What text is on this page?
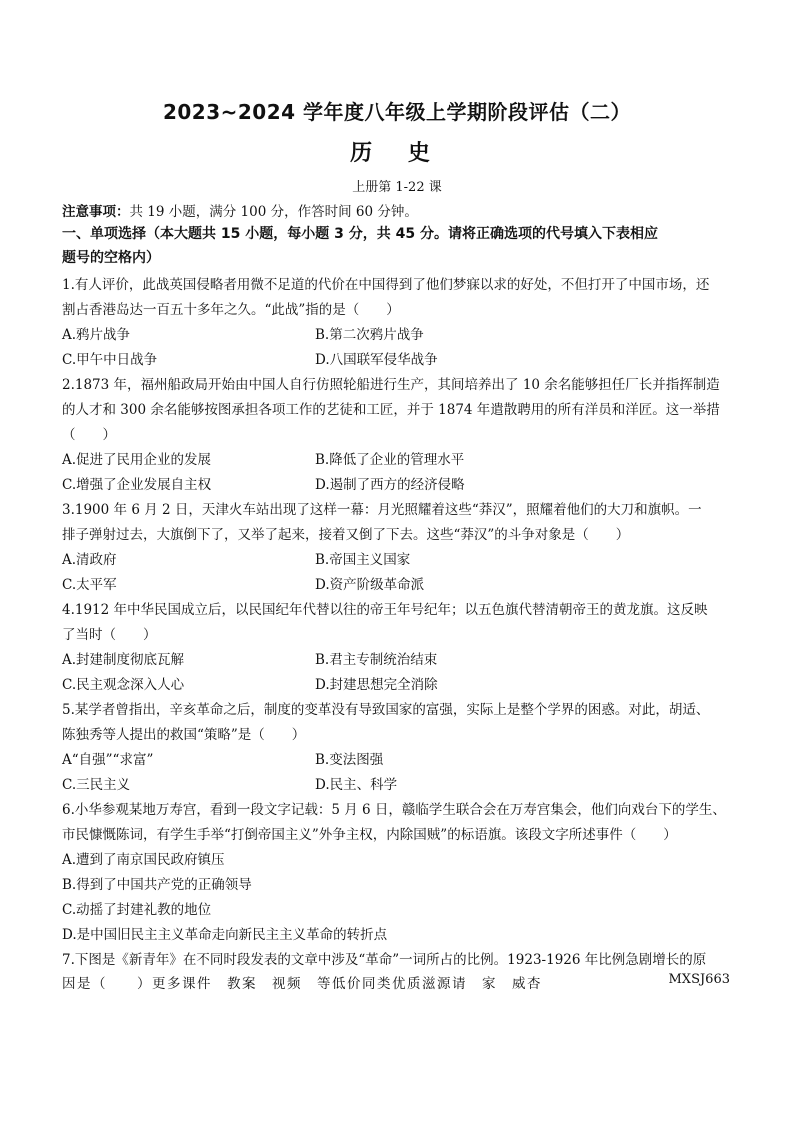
2023~2024 学年度八年级上学期阶段评估（二）
历 史
上册第 1-22 课
注意事项：共 19 小题，满分 100 分，作答时间 60 分钟。
一、单项选择（本大题共 15 小题，每小题 3 分，共 45 分。请将正确选项的代号填入下表相应
题号的空格内）
1.有人评价，此战英国侵略者用微不足道的代价在中国得到了他们梦寐以求的好处，不但打开了中国市场，还
割占香港岛达一百五十多年之久。“此战”指的是（　　）
A.鸦片战争	B.第二次鸦片战争
C.甲午中日战争	D.八国联军侵华战争
2.1873 年，福州船政局开始由中国人自行仿照轮船进行生产，其间培养出了 10 余名能够担任厂长并指挥制造
的人才和 300 余名能够按图承担各项工作的艺徒和工匠，并于 1874 年遣散聘用的所有洋员和洋匠。这一举措
（　　）
A.促进了民用企业的发展	B.降低了企业的管理水平
C.增强了企业发展自主权	D.遏制了西方的经济侵略
3.1900 年 6 月 2 日，天津火车站出现了这样一幕：月光照耀着这些“莽汉”，照耀着他们的大刀和旗帜。一
排子弹射过去，大旗倒下了，又举了起来，接着又倒了下去。这些“莽汉”的斗争对象是（　　）
A.清政府	B.帝国主义国家
C.太平军	D.资产阶级革命派
4.1912 年中华民国成立后，以民国纪年代替以往的帝王年号纪年；以五色旗代替清朝帝王的黄龙旗。这反映
了当时（　　）
A.封建制度彻底瓦解	B.君主专制统治结束
C.民主观念深入人心	D.封建思想完全消除
5.某学者曾指出，辛亥革命之后，制度的变革没有导致国家的富强，实际上是整个学界的困惑。对此，胡适、
陈独秀等人提出的救国“策略”是（　　）
A“自强”“求富”	B.变法图强
C.三民主义	D.民主、科学
6.小华参观某地万寿宫，看到一段文字记载：5 月 6 日，赣临学生联合会在万寿宫集会，他们向戏台下的学生、
市民慷慨陈词，有学生手举“打倒帝国主义”外争主权，内除国贼”的标语旗。该段文字所述事件（　　）
A.遭到了南京国民政府镇压
B.得到了中国共产党的正确领导
C.动摇了封建礼教的地位
D.是中国旧民主主义革命走向新民主主义革命的转折点
7.下图是《新青年》在不同时段发表的文章中涉及“革命”一词所占的比例。1923-1926 年比例急剧增长的原
因是（　　）更多课件　教案　视频　等低价同类优质滋源请　家　威杏	MXSJ663
